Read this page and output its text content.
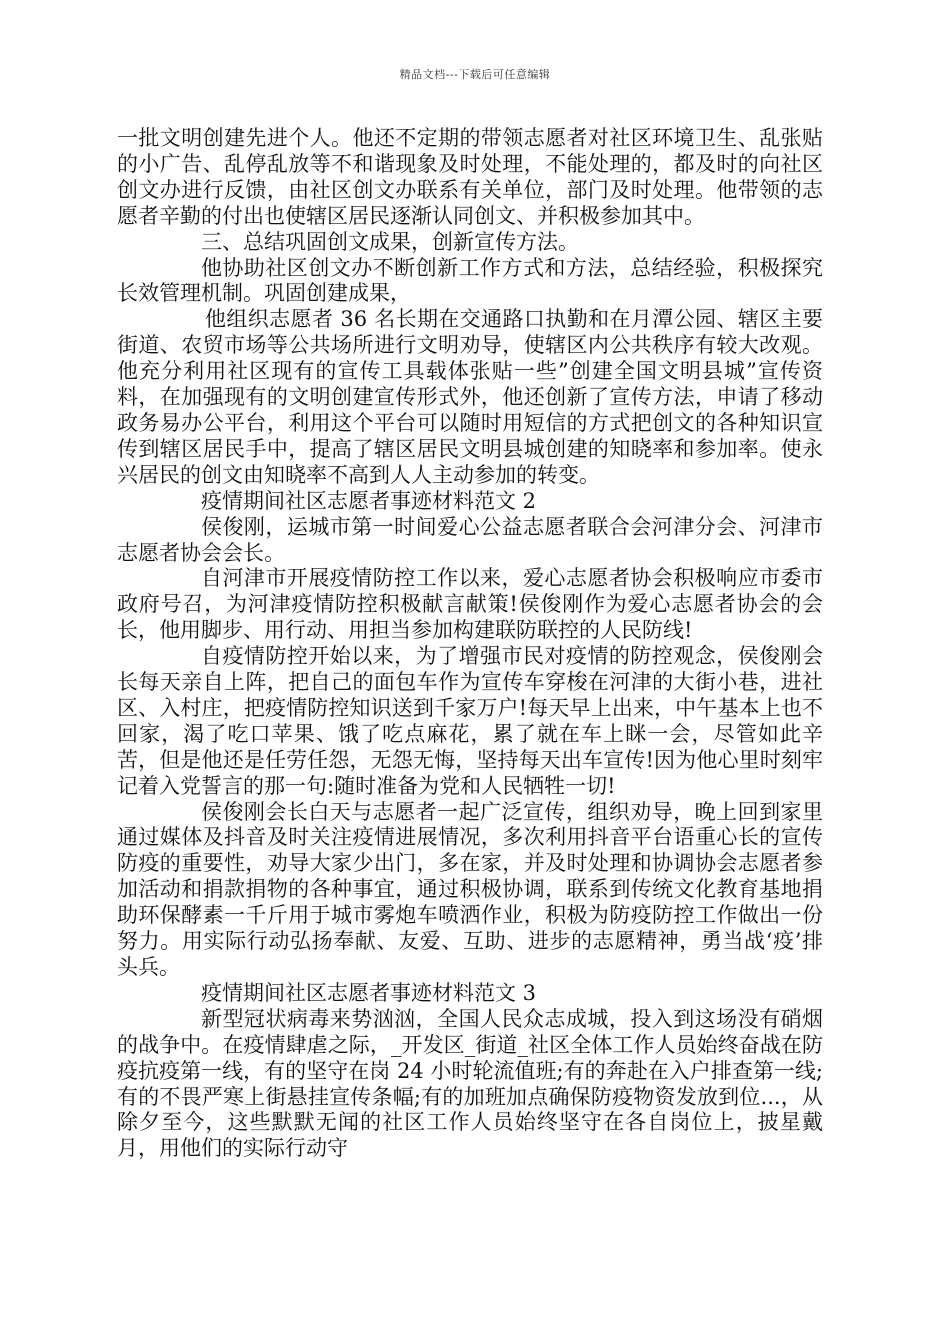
精品文档---下载后可任意编辑

一批文明创建先进个人。他还不定期的带领志愿者对社区环境卫生、乱张贴的小广告、乱停乱放等不和谐现象及时处理，不能处理的，都及时的向社区创文办进行反馈，由社区创文办联系有关单位，部门及时处理。他带领的志愿者辛勤的付出也使辖区居民逐渐认同创文、并积极参加其中。

三、总结巩固创文成果，创新宣传方法。

他协助社区创文办不断创新工作方式和方法，总结经验，积极探究长效管理机制。巩固创建成果，

他组织志愿者 36 名长期在交通路口执勤和在月潭公园、辖区主要街道、农贸市场等公共场所进行文明劝导，使辖区内公共秩序有较大改观。他充分利用社区现有的宣传工具载体张贴一些”创建全国文明县城”宣传资料，在加强现有的文明创建宣传形式外，他还创新了宣传方法，申请了移动政务易办公平台，利用这个平台可以随时用短信的方式把创文的各种知识宣传到辖区居民手中，提高了辖区居民文明县城创建的知晓率和参加率。使永兴居民的创文由知晓率不高到人人主动参加的转变。

疫情期间社区志愿者事迹材料范文 2

侯俊刚，运城市第一时间爱心公益志愿者联合会河津分会、河津市志愿者协会会长。

自河津市开展疫情防控工作以来，爱心志愿者协会积极响应市委市政府号召，为河津疫情防控积极献言献策!侯俊刚作为爱心志愿者协会的会长，他用脚步、用行动、用担当参加构建联防联控的人民防线!

自疫情防控开始以来，为了增强市民对疫情的防控观念，侯俊刚会长每天亲自上阵，把自己的面包车作为宣传车穿梭在河津的大街小巷，进社区、入村庄，把疫情防控知识送到千家万户!每天早上出来，中午基本上也不回家，渴了吃口苹果、饿了吃点麻花，累了就在车上眯一会，尽管如此辛苦，但是他还是任劳任怨，无怨无悔，坚持每天出车宣传!因为他心里时刻牢记着入党誓言的那一句:随时准备为党和人民牺牲一切!

侯俊刚会长白天与志愿者一起广泛宣传，组织劝导，晚上回到家里通过媒体及抖音及时关注疫情进展情况，多次利用抖音平台语重心长的宣传防疫的重要性，劝导大家少出门，多在家，并及时处理和协调协会志愿者参加活动和捐款捐物的各种事宜，通过积极协调，联系到传统文化教育基地捐助环保酵素一千斤用于城市雾炮车喷洒作业，积极为防疫防控工作做出一份努力。用实际行动弘扬奉献、友爱、互助、进步的志愿精神，勇当战‘疫’排头兵。

疫情期间社区志愿者事迹材料范文 3

新型冠状病毒来势汹汹，全国人民众志成城，投入到这场没有硝烟的战争中。在疫情肆虐之际，_开发区_街道_社区全体工作人员始终奋战在防疫抗疫第一线，有的坚守在岗 24 小时轮流值班;有的奔赴在入户排查第一线;有的不畏严寒上街悬挂宣传条幅;有的加班加点确保防疫物资发放到位...，从除夕至今，这些默默无闻的社区工作人员始终坚守在各自岗位上，披星戴月，用他们的实际行动守
